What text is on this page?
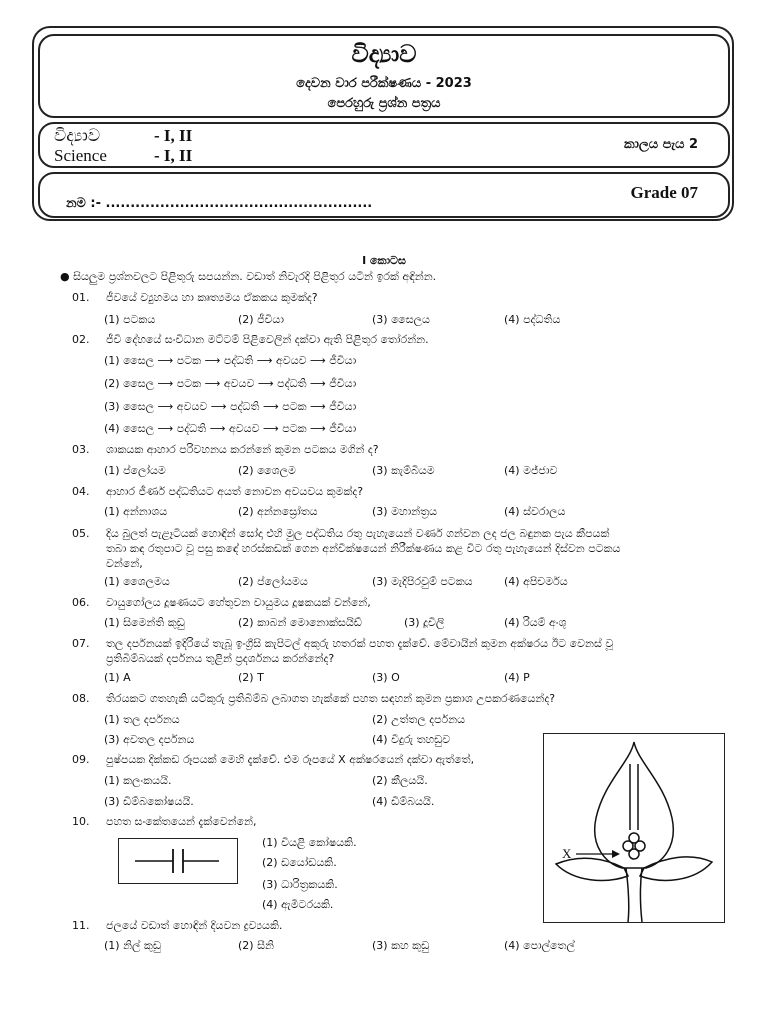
විද්‍යාව
දෙවන වාර පරීක්ෂණය - 2023
පෙරහුරු ප්‍රශ්න පත්‍රය
විද්‍යාව	- I, II
Science	- I, II
කාලය පැය 2
Grade 07
නම :- ......................................................
I කොටස
● සියලුම ප්‍රශ්නවලට පිළිතුරු සපයන්න. වඩාත් නිවැරදි පිළිතුර යටින් ඉරක් අඳින්න.
01. ජීවයේ ව්‍යුහමය හා කෘත්‍යමය ඒකකය කුමක්ද?
(1) පටකය	(2) ජීවියා	(3) සෛලය	(4) පද්ධතිය
02. ජීවී දේහයේ සංවිධාන මට්ටම් පිළිවෙලින් දක්වා ඇති පිළිතුර තෝරන්න.
(1) සෛල ⟶ පටක ⟶ පද්ධති ⟶ අවයව ⟶ ජීවියා
(2) සෛල ⟶ පටක ⟶ අවයව ⟶ පද්ධති ⟶ ජීවියා
(3) සෛල ⟶ අවයව ⟶ පද්ධති ⟶ පටක ⟶ ජීවියා
(4) සෛල ⟶ පද්ධති ⟶ අවයව ⟶ පටක ⟶ ජීවියා
03. ශාකයක ආහාර පරිවහනය කරන්නේ කුමන පටකය මගින් ද?
(1) ප්ලෝයම	(2) ශෛලම	(3) කැම්බියම	(4) මජ්ජාව
04. ආහාර ජීර්ණ පද්ධතියට අයත් නොවන අවයවය කුමක්ද?
(1) අන්නාශය	(2) අන්නස්‍රෝතය	(3) මහාන්ත්‍රය	(4) ස්වරාලය
05. දිය බුලත් පැළෑටියක් හොඳින් සෝදා එහි මුල පද්ධතිය රතු පැහැයෙන් වර්ණ ගන්වන ලද ජල බඳුනක පැය කීපයක්
තබා කඳ රතුපාට වූ පසු කඳේ හරස්කඩක් ගෙන අන්වීක්ෂයෙන් නිරීක්ෂණය කළ විට රතු පැහැයෙන් දිස්වන පටකය
වන්නේ,
(1) ශෛලමය	(2) ප්ලෝයමය	(3) මැදිපිරවුම් පටකය	(4) අපිචර්මය
06. වායුගෝලය දූෂණයට හේතුවන වායුමය දූෂකයක් වන්නේ,
(1) සිමෙන්ති කුඩු	(2) කාබන් මොනොක්සයිඩ්	(3) දූවිලි	(4) රියම් අංශු
07. තල දර්පනයක් ඉදිරියේ තැබූ ඉංග්‍රීසි කැපිටල් අකුරු හතරක් පහත දැක්වේ. මේවායින් කුමන අක්ෂරය ඊට වෙනස් වූ
ප්‍රතිබිම්බයක් දර්පනය තුළින් ප්‍රදර්ශනය කරන්නේද?
(1) A	(2) T	(3) O	(4) P
08. තිරයකට ගතහැකි යටිකුරු ප්‍රතිබිම්බ ලබාගත හැක්කේ පහත සඳහන් කුමන ප්‍රකාශ උපකරණයෙන්ද?
(1) තල දර්පනය	(2) උත්තල දර්පනය
(3) අවතල දර්පනය	(4) වීදුරු තහඩුව
09. පුෂ්පයක දික්කඩ රූපයක් මෙහි දැක්වේ. එම රූපයේ X අක්ෂරයෙන් දක්වා ඇත්තේ,
(1) කලංකයයි.	(2) කීලයයි.
(3) ඩිම්බකෝෂයයි.	(4) ඩිම්බයයි.
X
10. පහත සංකේතයෙන් දැක්වෙන්නේ,
(1) වියළි කෝෂයකි.
(2) ඩයෝඩයකි.
(3) ධාරිත්‍රකයකි.
(4) ඇමීටරයකි.
11. ජලයේ වඩාත් හොඳින් දියවන ද්‍රව්‍යයකි.
(1) නිල් කුඩු	(2) සීනි	(3) කහ කුඩු	(4) පොල්තෙල්
